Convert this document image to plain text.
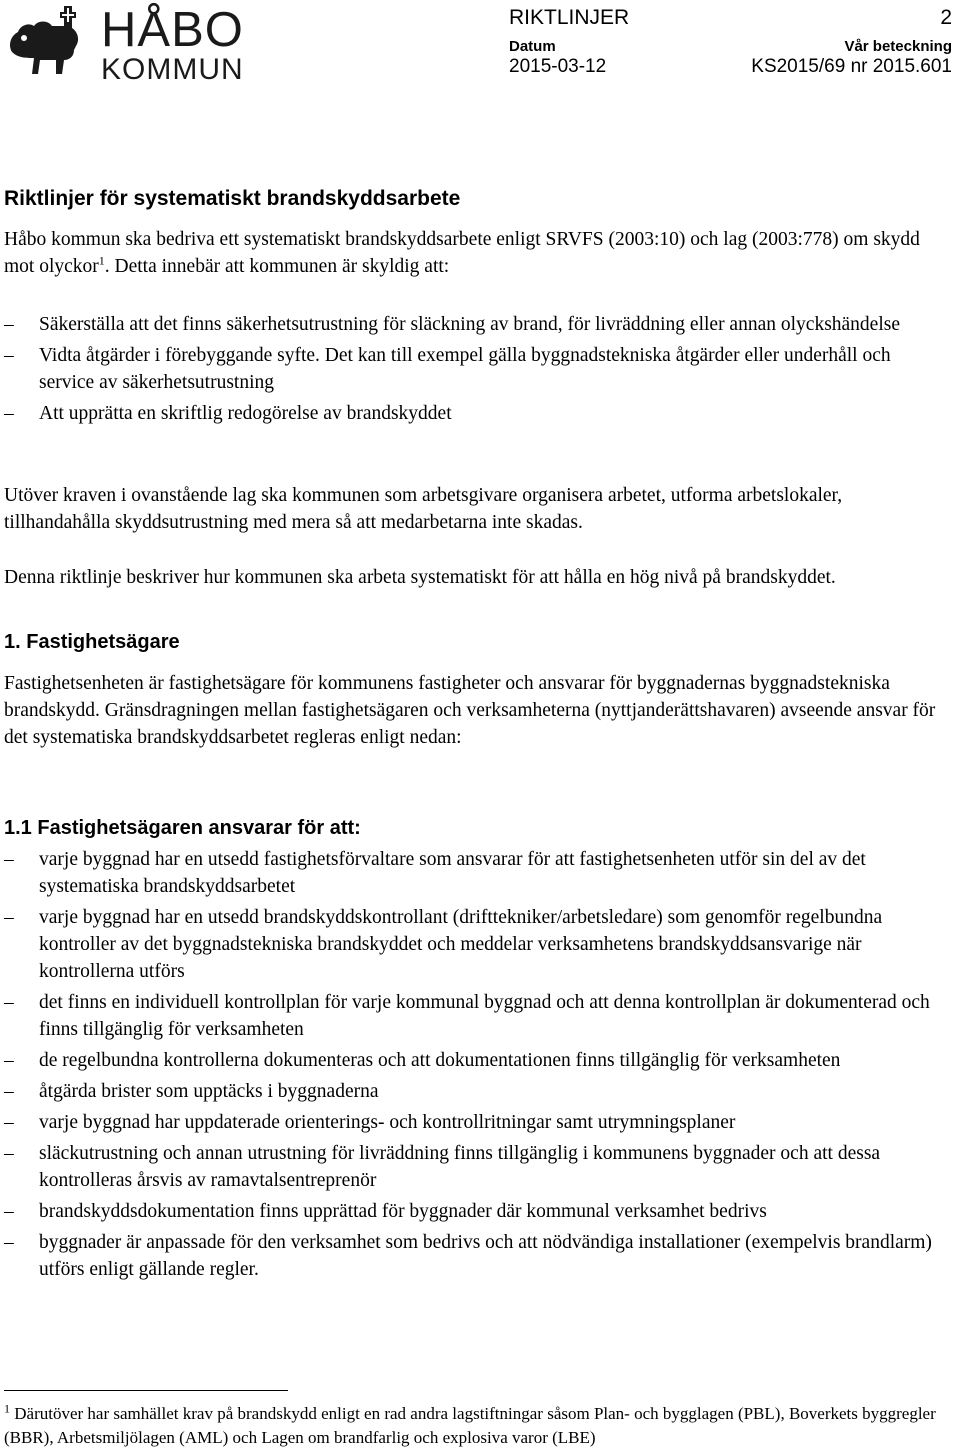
HÅBO
KOMMUN
RIKTLINJER	2
Datum
2015-03-12
Vår beteckning
KS2015/69 nr 2015.601
Riktlinjer för systematiskt brandskyddsarbete
Håbo kommun ska bedriva ett systematiskt brandskyddsarbete enligt SRVFS (2003:10) och lag (2003:778) om skydd mot olyckor$^1$. Detta innebär att kommunen är skyldig att:
– Säkerställa att det finns säkerhetsutrustning för släckning av brand, för livräddning eller annan olyckshändelse
– Vidta åtgärder i förebyggande syfte. Det kan till exempel gälla byggnadstekniska åtgärder eller underhåll och service av säkerhetsutrustning
– Att upprätta en skriftlig redogörelse av brandskyddet
Utöver kraven i ovanstående lag ska kommunen som arbetsgivare organisera arbetet, utforma arbetslokaler, tillhandahålla skyddsutrustning med mera så att medarbetarna inte skadas.
Denna riktlinje beskriver hur kommunen ska arbeta systematiskt för att hålla en hög nivå på brandskyddet.
1. Fastighetsägare
Fastighetsenheten är fastighetsägare för kommunens fastigheter och ansvarar för byggnadernas byggnadstekniska brandskydd. Gränsdragningen mellan fastighetsägaren och verksamheterna (nyttjanderättshavaren) avseende ansvar för det systematiska brandskyddsarbetet regleras enligt nedan:
1.1 Fastighetsägaren ansvarar för att:
– varje byggnad har en utsedd fastighetsförvaltare som ansvarar för att fastighetsenheten utför sin del av det systematiska brandskyddsarbetet
– varje byggnad har en utsedd brandskyddskontrollant (drifttekniker/arbetsledare) som genomför regelbundna kontroller av det byggnadstekniska brandskyddet och meddelar verksamhetens brandskyddsansvarige när kontrollerna utförs
– det finns en individuell kontrollplan för varje kommunal byggnad och att denna kontrollplan är dokumenterad och finns tillgänglig för verksamheten
– de regelbundna kontrollerna dokumenteras och att dokumentationen finns tillgänglig för verksamheten
– åtgärda brister som upptäcks i byggnaderna
– varje byggnad har uppdaterade orienterings- och kontrollritningar samt utrymningsplaner
– släckutrustning och annan utrustning för livräddning finns tillgänglig i kommunens byggnader och att dessa kontrolleras årsvis av ramavtalsentreprenör
– brandskyddsdokumentation finns upprättad för byggnader där kommunal verksamhet bedrivs
– byggnader är anpassade för den verksamhet som bedrivs och att nödvändiga installationer (exempelvis brandlarm) utförs enligt gällande regler.
$^1$ Därutöver har samhället krav på brandskydd enligt en rad andra lagstiftningar såsom Plan- och bygglagen (PBL), Boverkets byggregler (BBR), Arbetsmiljölagen (AML) och Lagen om brandfarlig och explosiva varor (LBE)
